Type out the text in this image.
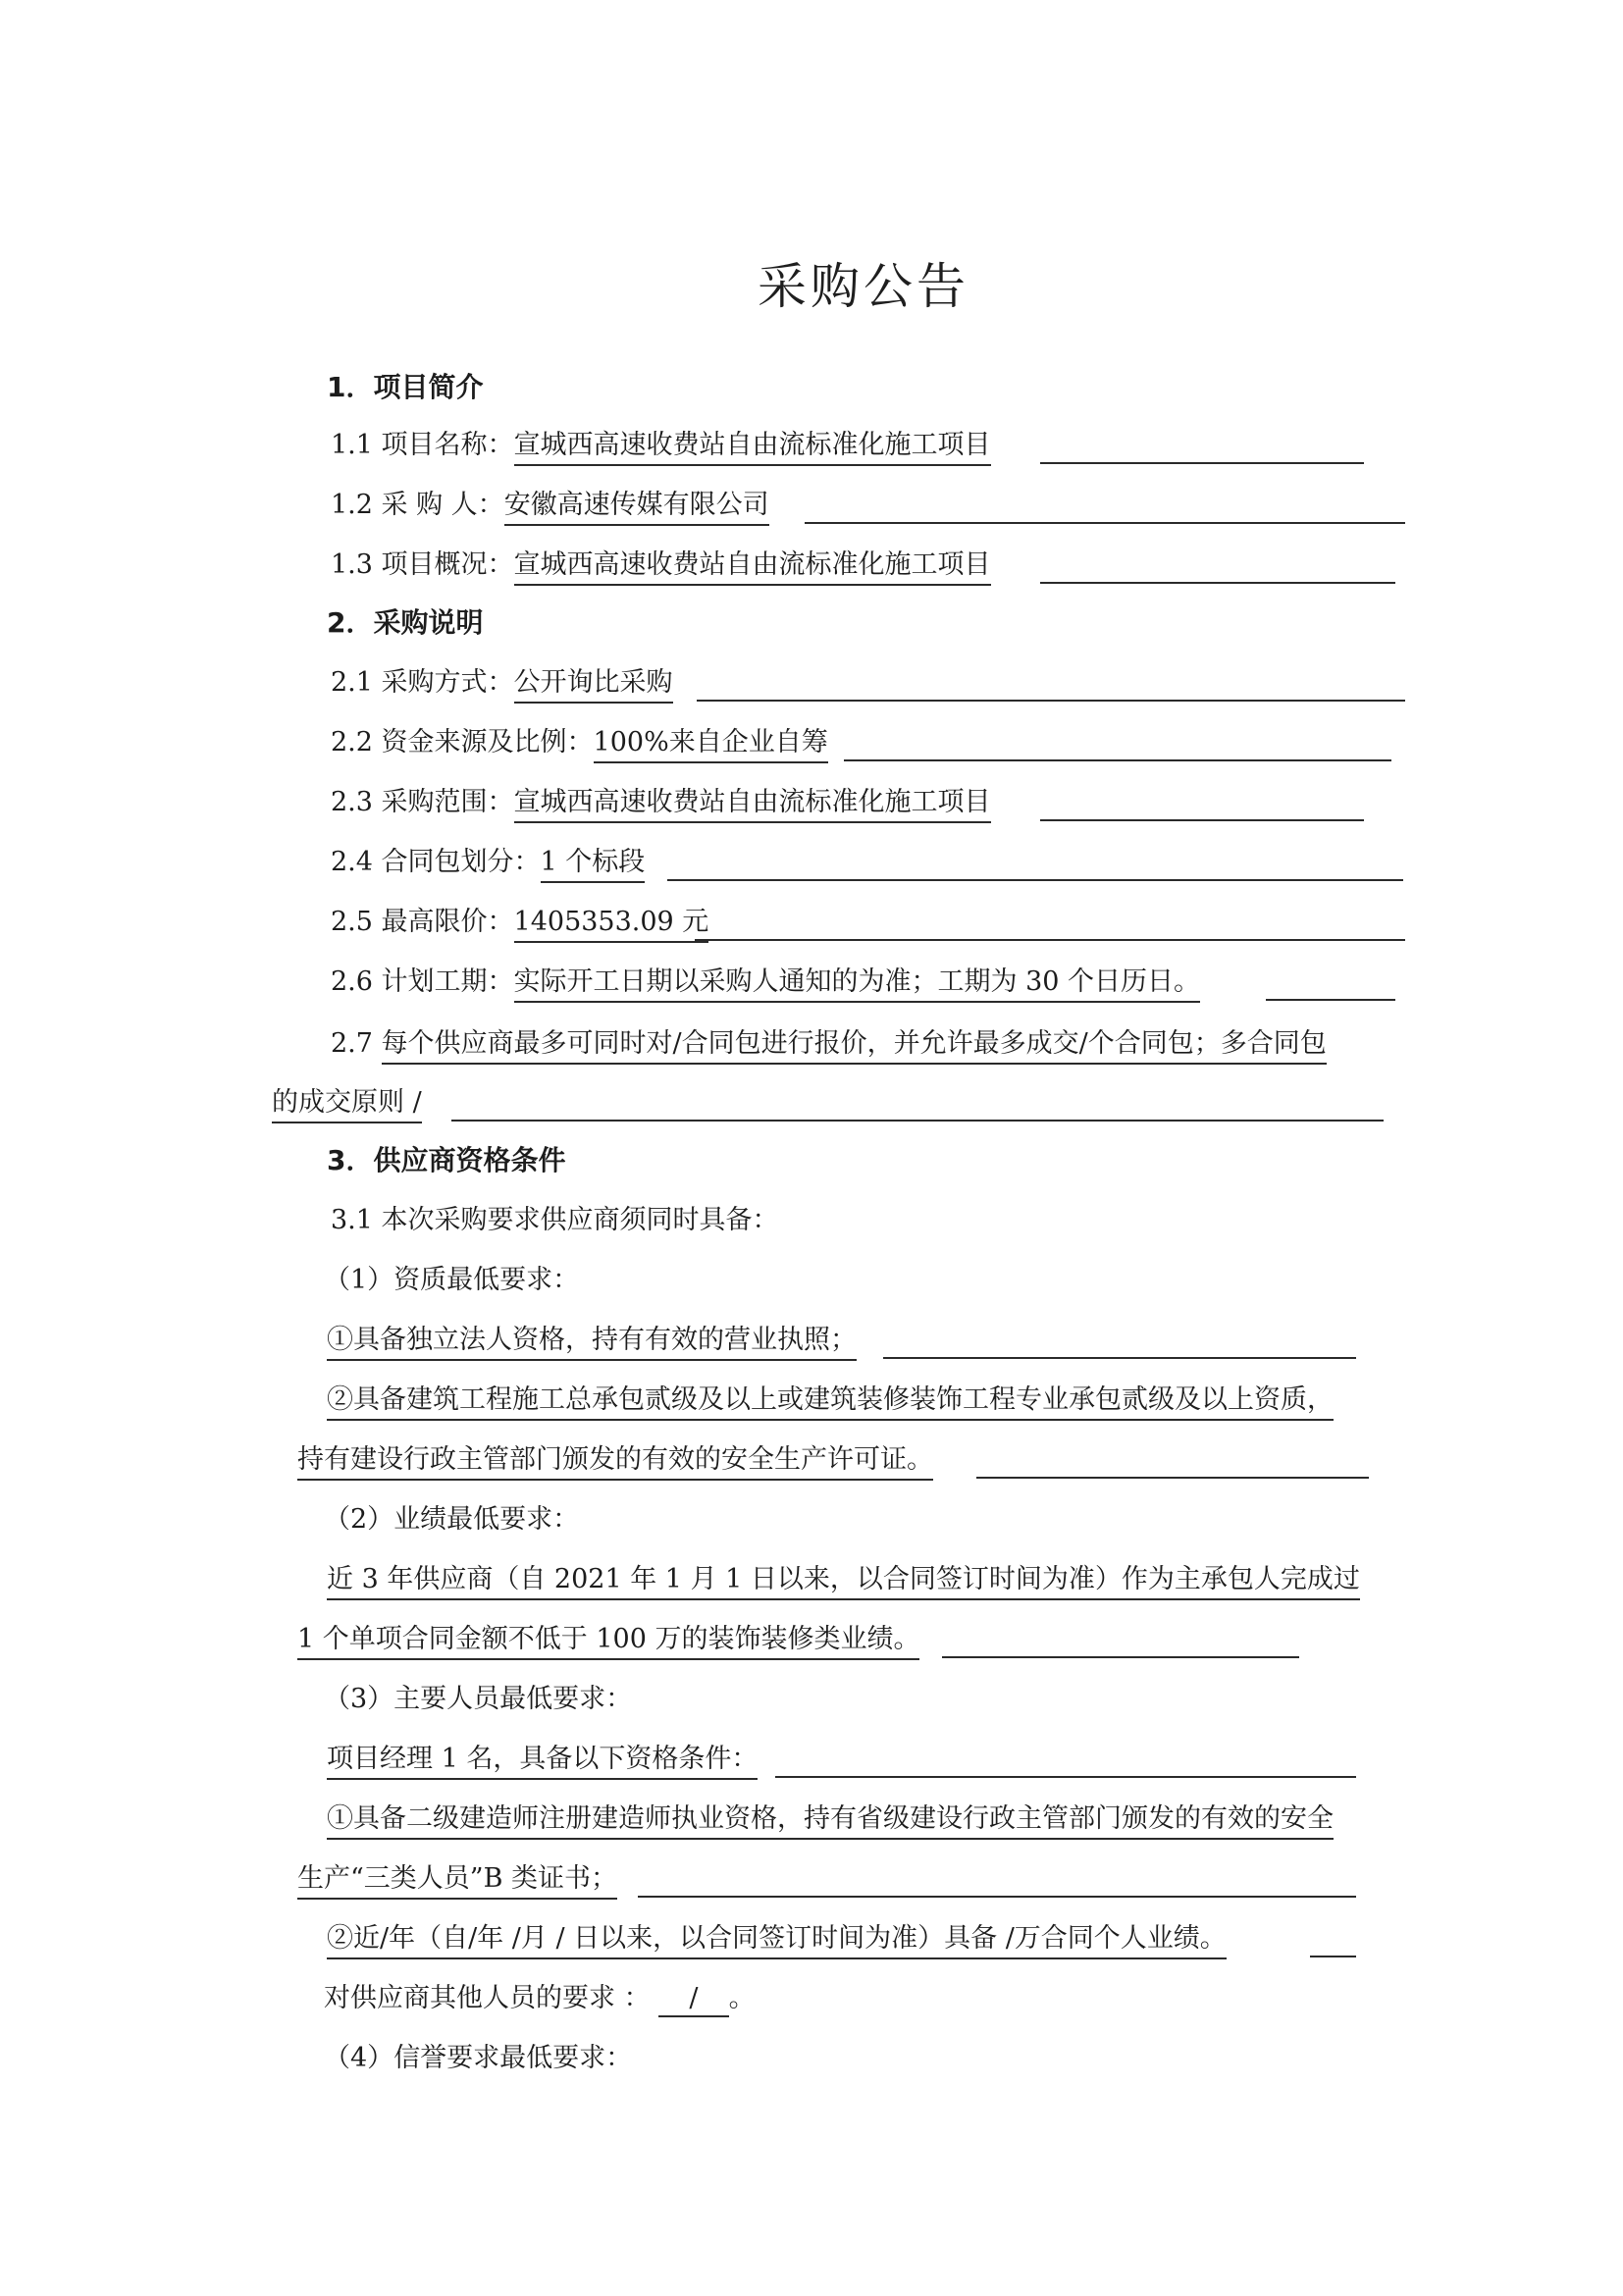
采购公告
1．项目简介
1.1 项目名称：宣城西高速收费站自由流标准化施工项目
1.2 采 购 人：安徽高速传媒有限公司
1.3 项目概况：宣城西高速收费站自由流标准化施工项目
2．采购说明
2.1 采购方式：公开询比采购
2.2 资金来源及比例：100%来自企业自筹
2.3 采购范围：宣城西高速收费站自由流标准化施工项目
2.4 合同包划分：1 个标段
2.5 最高限价：1405353.09 元
2.6 计划工期：实际开工日期以采购人通知的为准；工期为 30 个日历日。
2.7 每个供应商最多可同时对/合同包进行报价，并允许最多成交/个合同包；多合同包
的成交原则 /
3．供应商资格条件
3.1 本次采购要求供应商须同时具备：
（1）资质最低要求：
①具备独立法人资格，持有有效的营业执照；
②具备建筑工程施工总承包贰级及以上或建筑装修装饰工程专业承包贰级及以上资质，
持有建设行政主管部门颁发的有效的安全生产许可证。
（2）业绩最低要求：
近 3 年供应商（自 2021 年 1 月 1 日以来，以合同签订时间为准）作为主承包人完成过
1 个单项合同金额不低于 100 万的装饰装修类业绩。
（3）主要人员最低要求：
项目经理 1 名，具备以下资格条件：
①具备二级建造师注册建造师执业资格，持有省级建设行政主管部门颁发的有效的安全
生产“三类人员”B 类证书；
②近/年（自/年 /月 / 日以来，以合同签订时间为准）具备 /万合同个人业绩。
对供应商其他人员的要求 ：   /  。
（4）信誉要求最低要求：
